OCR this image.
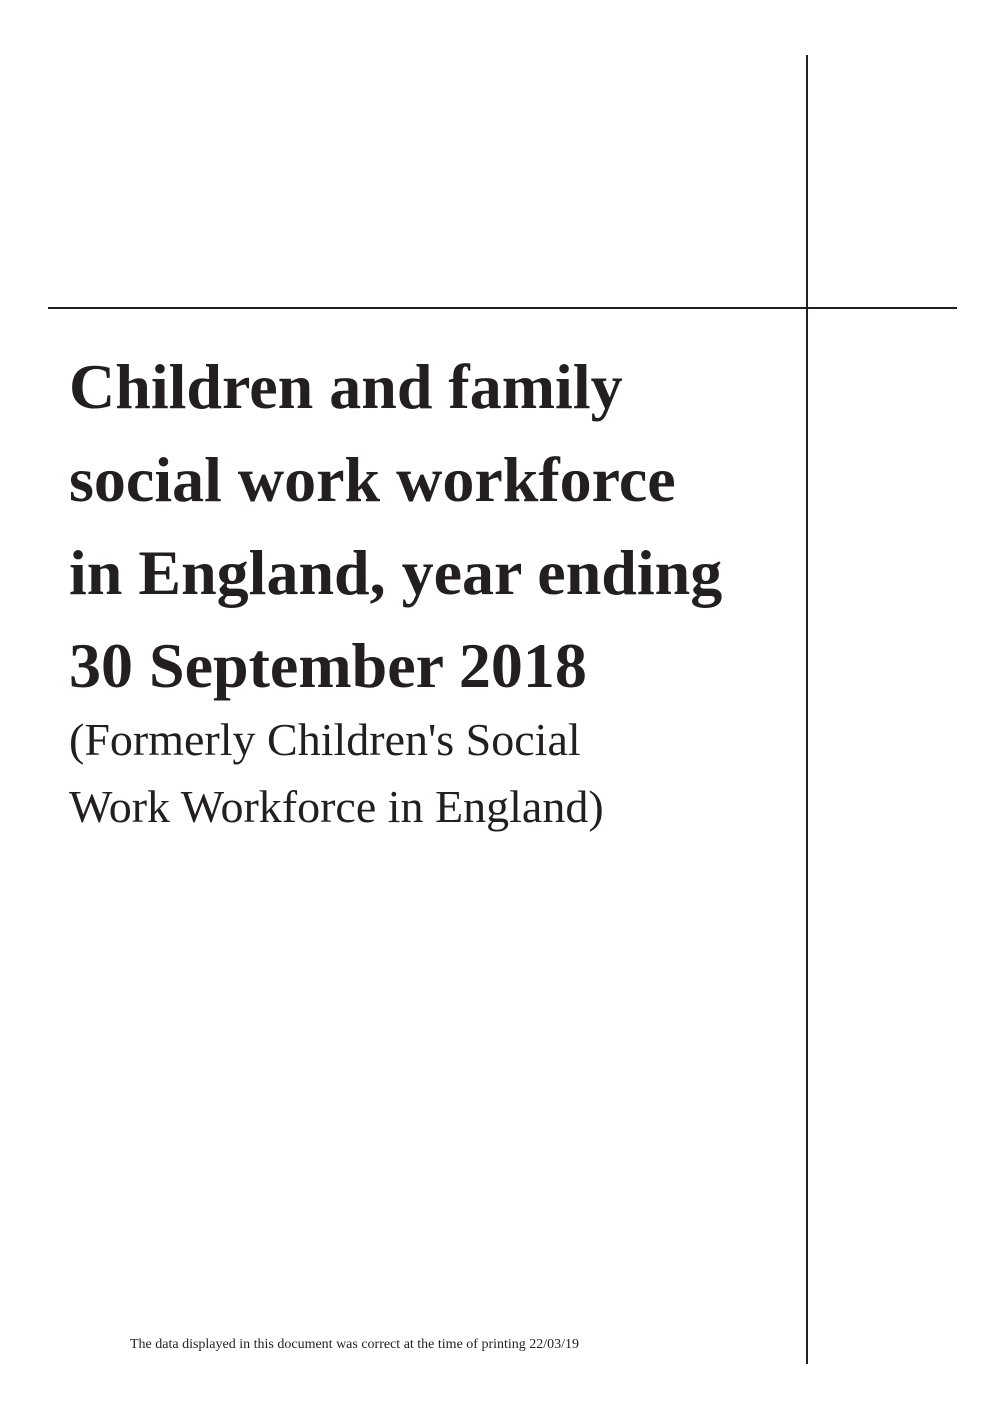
Children and family
social work workforce
in England, year ending
30 September 2018

(Formerly Children's Social
Work Workforce in England)

The data displayed in this document was correct at the time of printing 22/03/19
